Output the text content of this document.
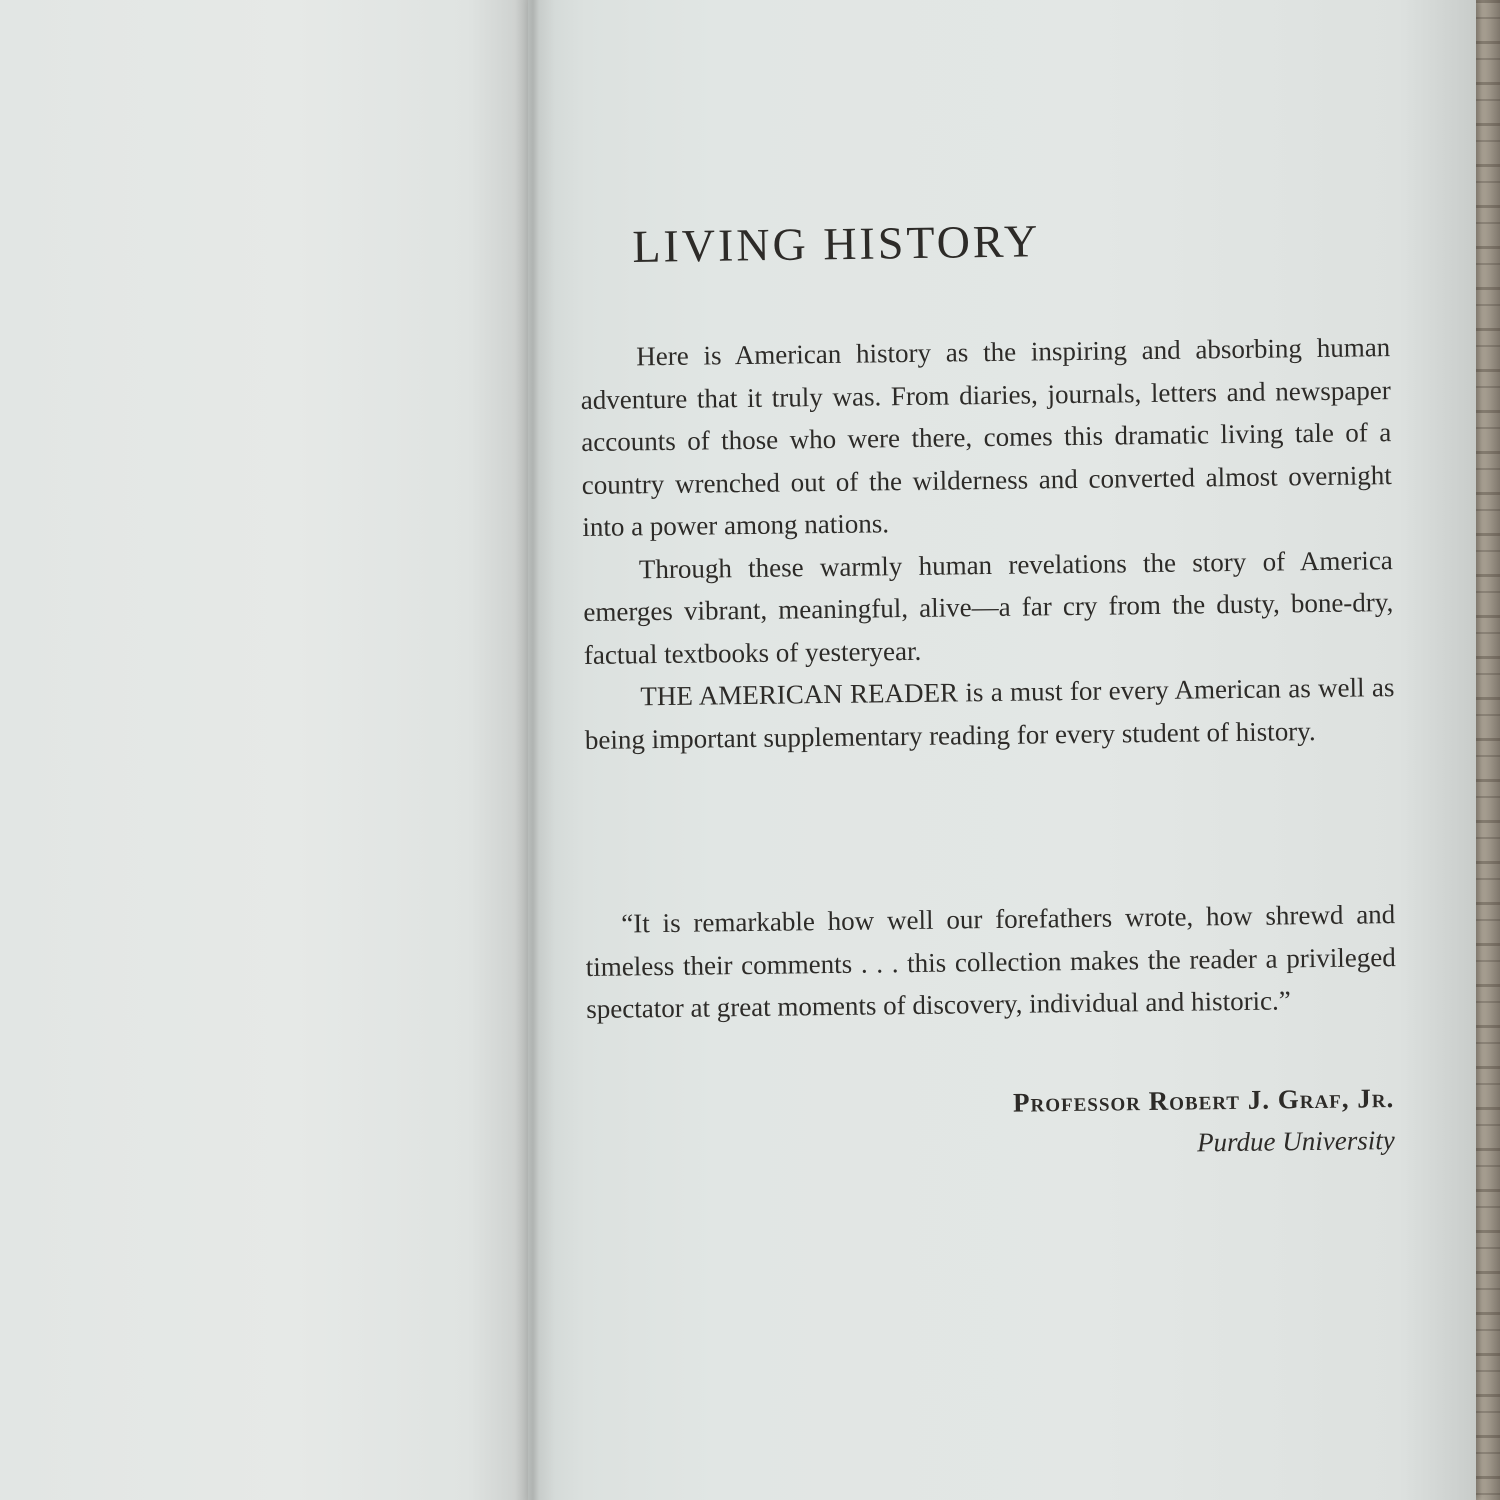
LIVING HISTORY

Here is American history as the inspiring and absorbing human adventure that it truly was. From diaries, journals, letters and newspaper accounts of those who were there, comes this dramatic living tale of a country wrenched out of the wilderness and converted almost overnight into a power among nations.

Through these warmly human revelations the story of America emerges vibrant, meaningful, alive—a far cry from the dusty, bone-dry, factual textbooks of yesteryear.

THE AMERICAN READER is a must for every American as well as being important supplementary reading for every student of history.

“It is remarkable how well our forefathers wrote, how shrewd and timeless their comments . . . this collection makes the reader a privileged spectator at great moments of discovery, individual and historic.”

Professor Robert J. Graf, Jr.
Purdue University
